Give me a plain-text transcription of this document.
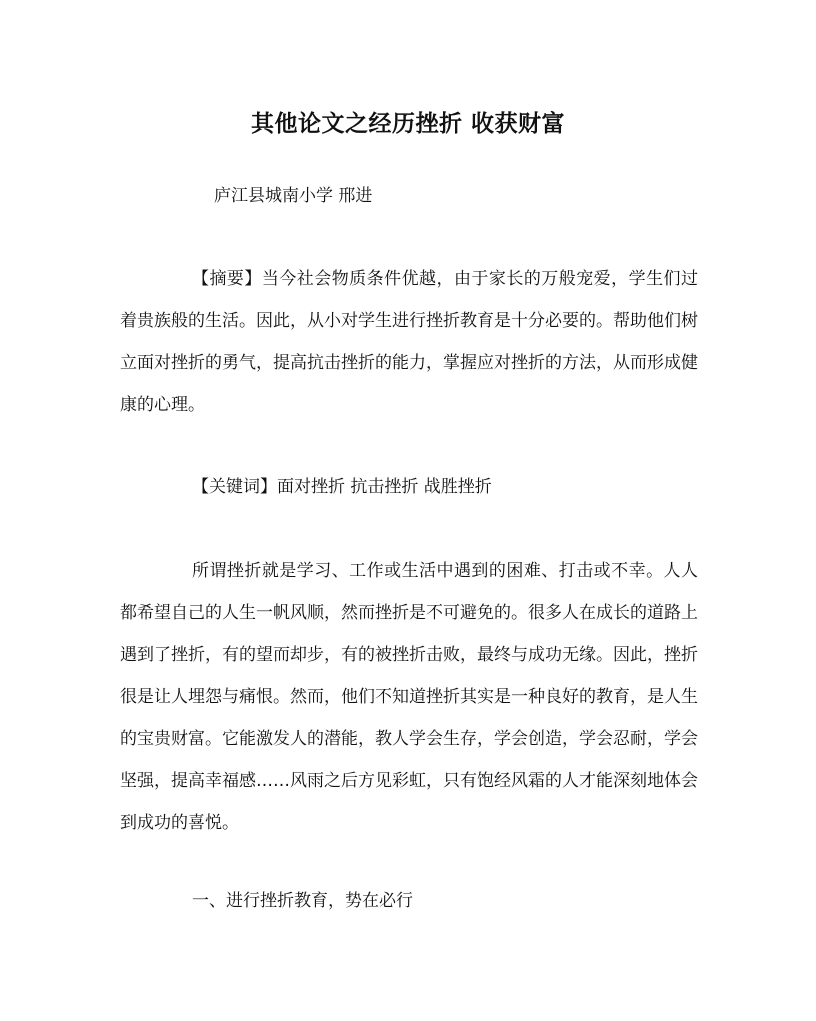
其他论文之经历挫折 收获财富
庐江县城南小学 邢进

【摘要】当今社会物质条件优越，由于家长的万般宠爱，学生们过着贵族般的生活。因此，从小对学生进行挫折教育是十分必要的。帮助他们树立面对挫折的勇气，提高抗击挫折的能力，掌握应对挫折的方法，从而形成健康的心理。

【关键词】面对挫折 抗击挫折 战胜挫折

所谓挫折就是学习、工作或生活中遇到的困难、打击或不幸。人人都希望自己的人生一帆风顺，然而挫折是不可避免的。很多人在成长的道路上遇到了挫折，有的望而却步，有的被挫折击败，最终与成功无缘。因此，挫折很是让人埋怨与痛恨。然而，他们不知道挫折其实是一种良好的教育，是人生的宝贵财富。它能激发人的潜能，教人学会生存，学会创造，学会忍耐，学会坚强，提高幸福感……风雨之后方见彩虹，只有饱经风霜的人才能深刻地体会到成功的喜悦。

一、进行挫折教育，势在必行
